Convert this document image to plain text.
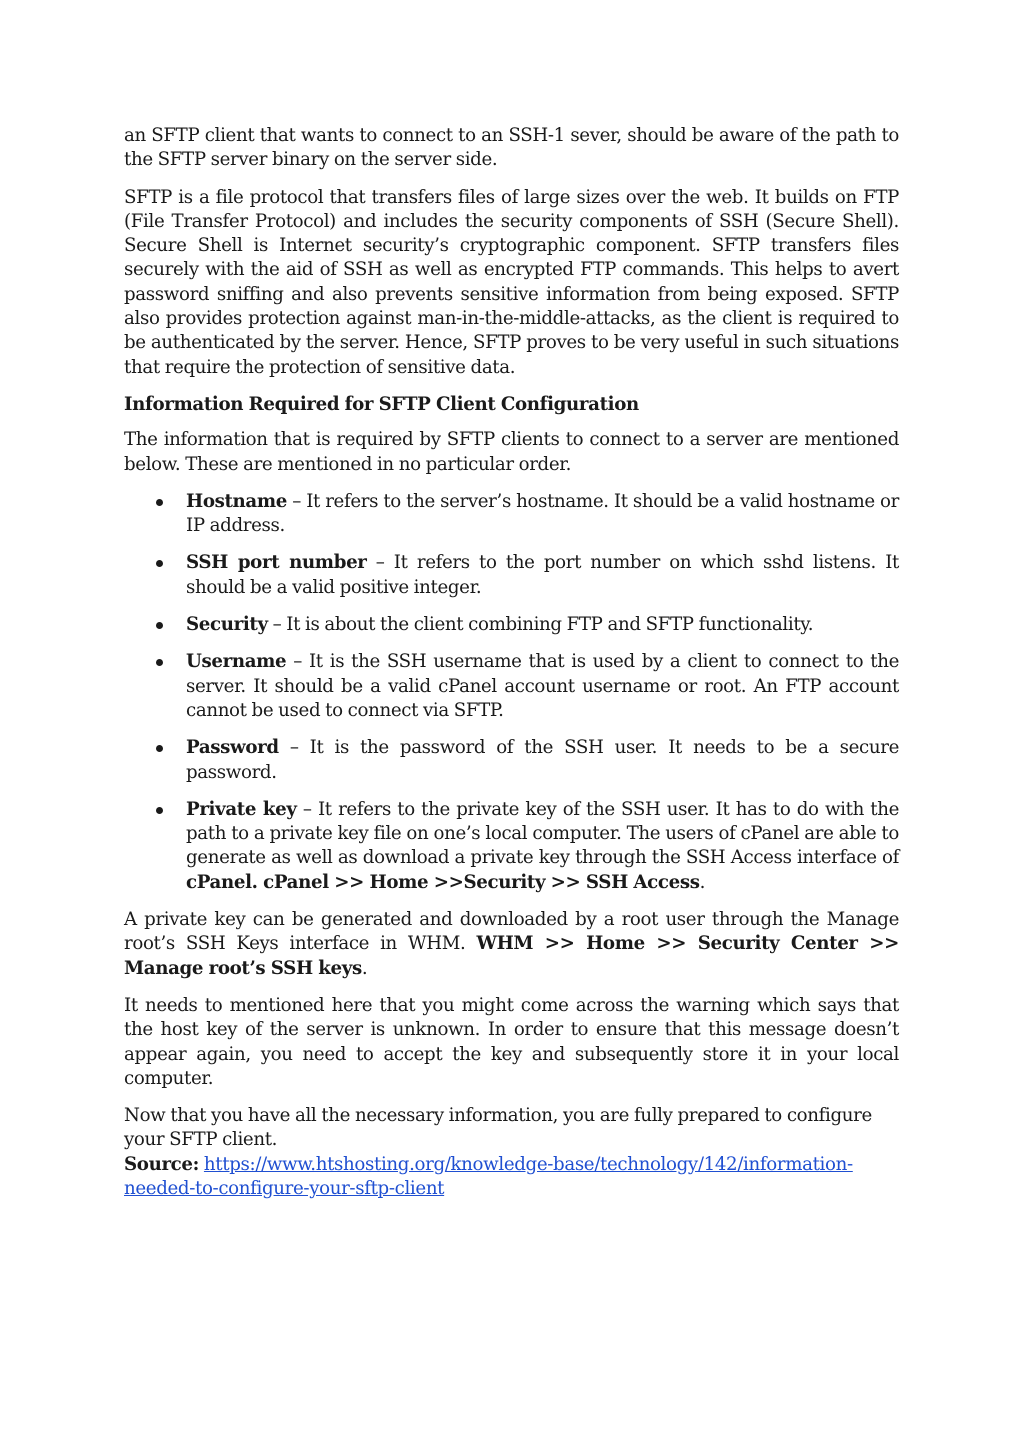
an SFTP client that wants to connect to an SSH-1 sever, should be aware of the path to the SFTP server binary on the server side.

SFTP is a file protocol that transfers files of large sizes over the web. It builds on FTP (File Transfer Protocol) and includes the security components of SSH (Secure Shell). Secure Shell is Internet security’s cryptographic component. SFTP transfers files securely with the aid of SSH as well as encrypted FTP commands. This helps to avert password sniffing and also prevents sensitive information from being exposed. SFTP also provides protection against man-in-the-middle-attacks, as the client is required to be authenticated by the server. Hence, SFTP proves to be very useful in such situations that require the protection of sensitive data.

Information Required for SFTP Client Configuration

The information that is required by SFTP clients to connect to a server are mentioned below. These are mentioned in no particular order.

Hostname – It refers to the server’s hostname. It should be a valid hostname or IP address.
SSH port number – It refers to the port number on which sshd listens. It should be a valid positive integer.
Security – It is about the client combining FTP and SFTP functionality.
Username – It is the SSH username that is used by a client to connect to the server. It should be a valid cPanel account username or root. An FTP account cannot be used to connect via SFTP.
Password – It is the password of the SSH user. It needs to be a secure password.
Private key – It refers to the private key of the SSH user. It has to do with the path to a private key file on one’s local computer. The users of cPanel are able to generate as well as download a private key through the SSH Access interface of cPanel. cPanel >> Home >>Security >> SSH Access.

A private key can be generated and downloaded by a root user through the Manage root’s SSH Keys interface in WHM. WHM >> Home >> Security Center >> Manage root’s SSH keys.

It needs to mentioned here that you might come across the warning which says that the host key of the server is unknown. In order to ensure that this message doesn’t appear again, you need to accept the key and subsequently store it in your local computer.

Now that you have all the necessary information, you are fully prepared to configure your SFTP client.

Source: https://www.htshosting.org/knowledge-base/technology/142/information-needed-to-configure-your-sftp-client
